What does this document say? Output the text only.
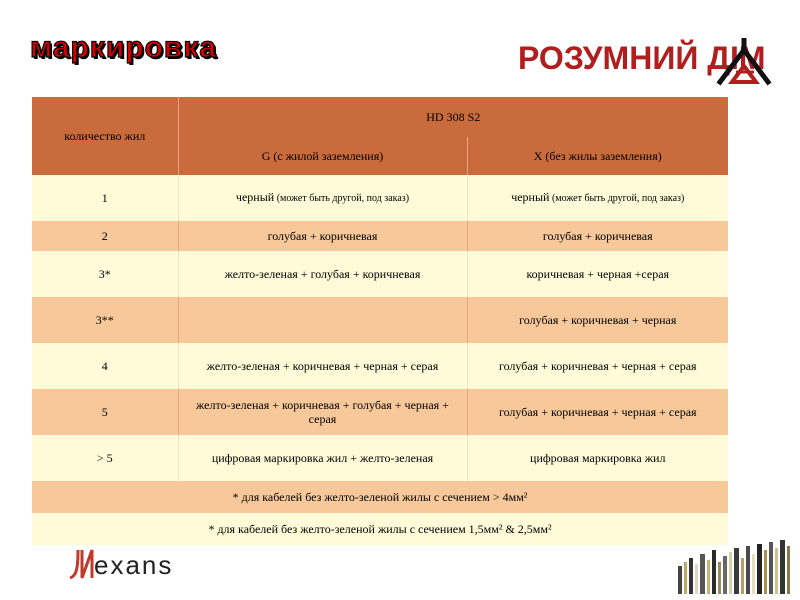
маркировка	РОЗУМНИЙ ДІМ
количество жил	HD 308 S2	
	G (с жилой заземления)	X (без жилы заземления)
1	черный (может быть другой, под заказ)	черный (может быть другой, под заказ)
2	голубая + коричневая	голубая + коричневая
3*	желто-зеленая + голубая + коричневая	коричневая + черная +серая
3**		голубая + коричневая + черная
4	желто-зеленая + коричневая + черная + серая	голубая + коричневая + черная + серая
5	желто-зеленая + коричневая + голубая + черная + серая	голубая + коричневая + черная + серая
> 5	цифровая маркировка жил + желто-зеленая	цифровая маркировка жил
* для кабелей без желто-зеленой жилы с сечением > 4мм²		
* для кабелей без желто-зеленой жилы с сечением 1,5мм² & 2,5мм²		
exans
